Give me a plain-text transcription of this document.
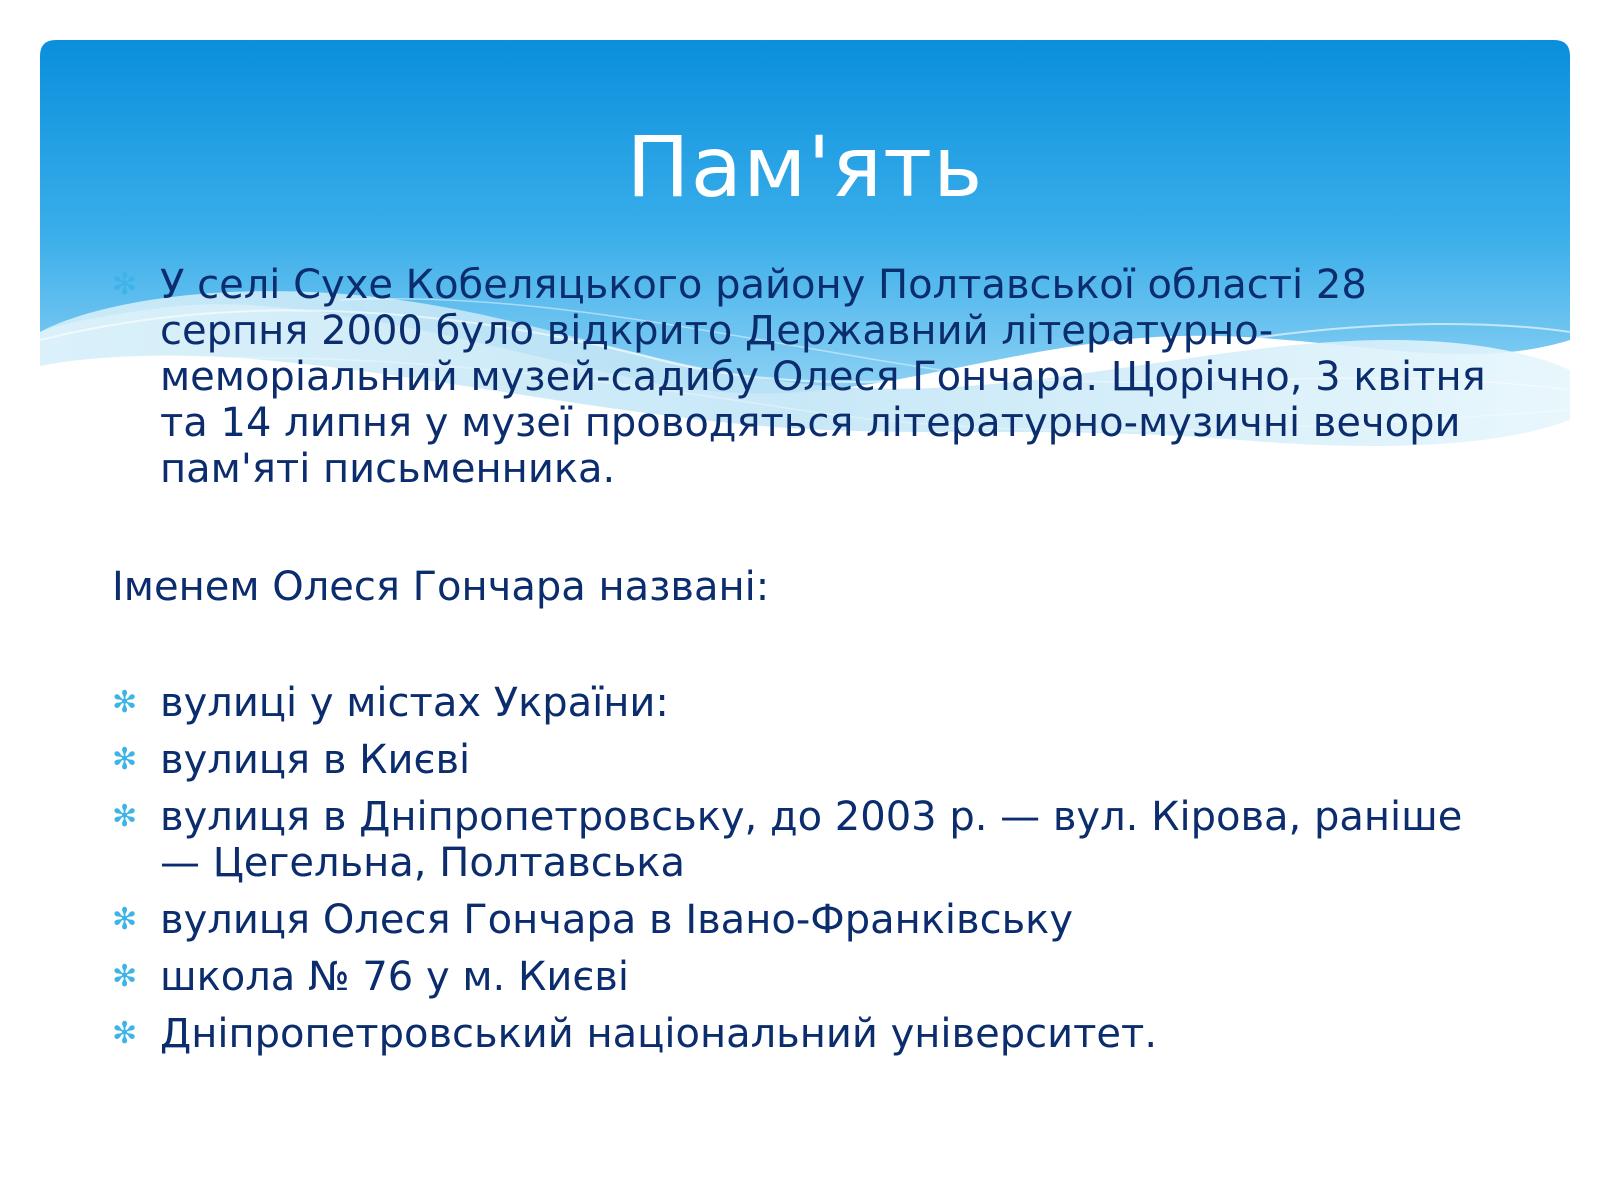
Пам'ять
✻ У селі Сухе Кобеляцького району Полтавської області 28 серпня 2000 було відкрито Державний літературно-меморіальний музей-садибу Олеся Гончара. Щорічно, 3 квітня та 14 липня у музеї проводяться літературно-музичні вечори пам'яті письменника.
Іменем Олеся Гончара названі:
✻ вулиці у містах України:
✻ вулиця в Києві
✻ вулиця в Дніпропетровську, до 2003 р. — вул. Кірова, раніше — Цегельна, Полтавська
✻ вулиця Олеся Гончара в Івано-Франківську
✻ школа № 76 у м. Києві
✻ Дніпропетровський національний університет.
